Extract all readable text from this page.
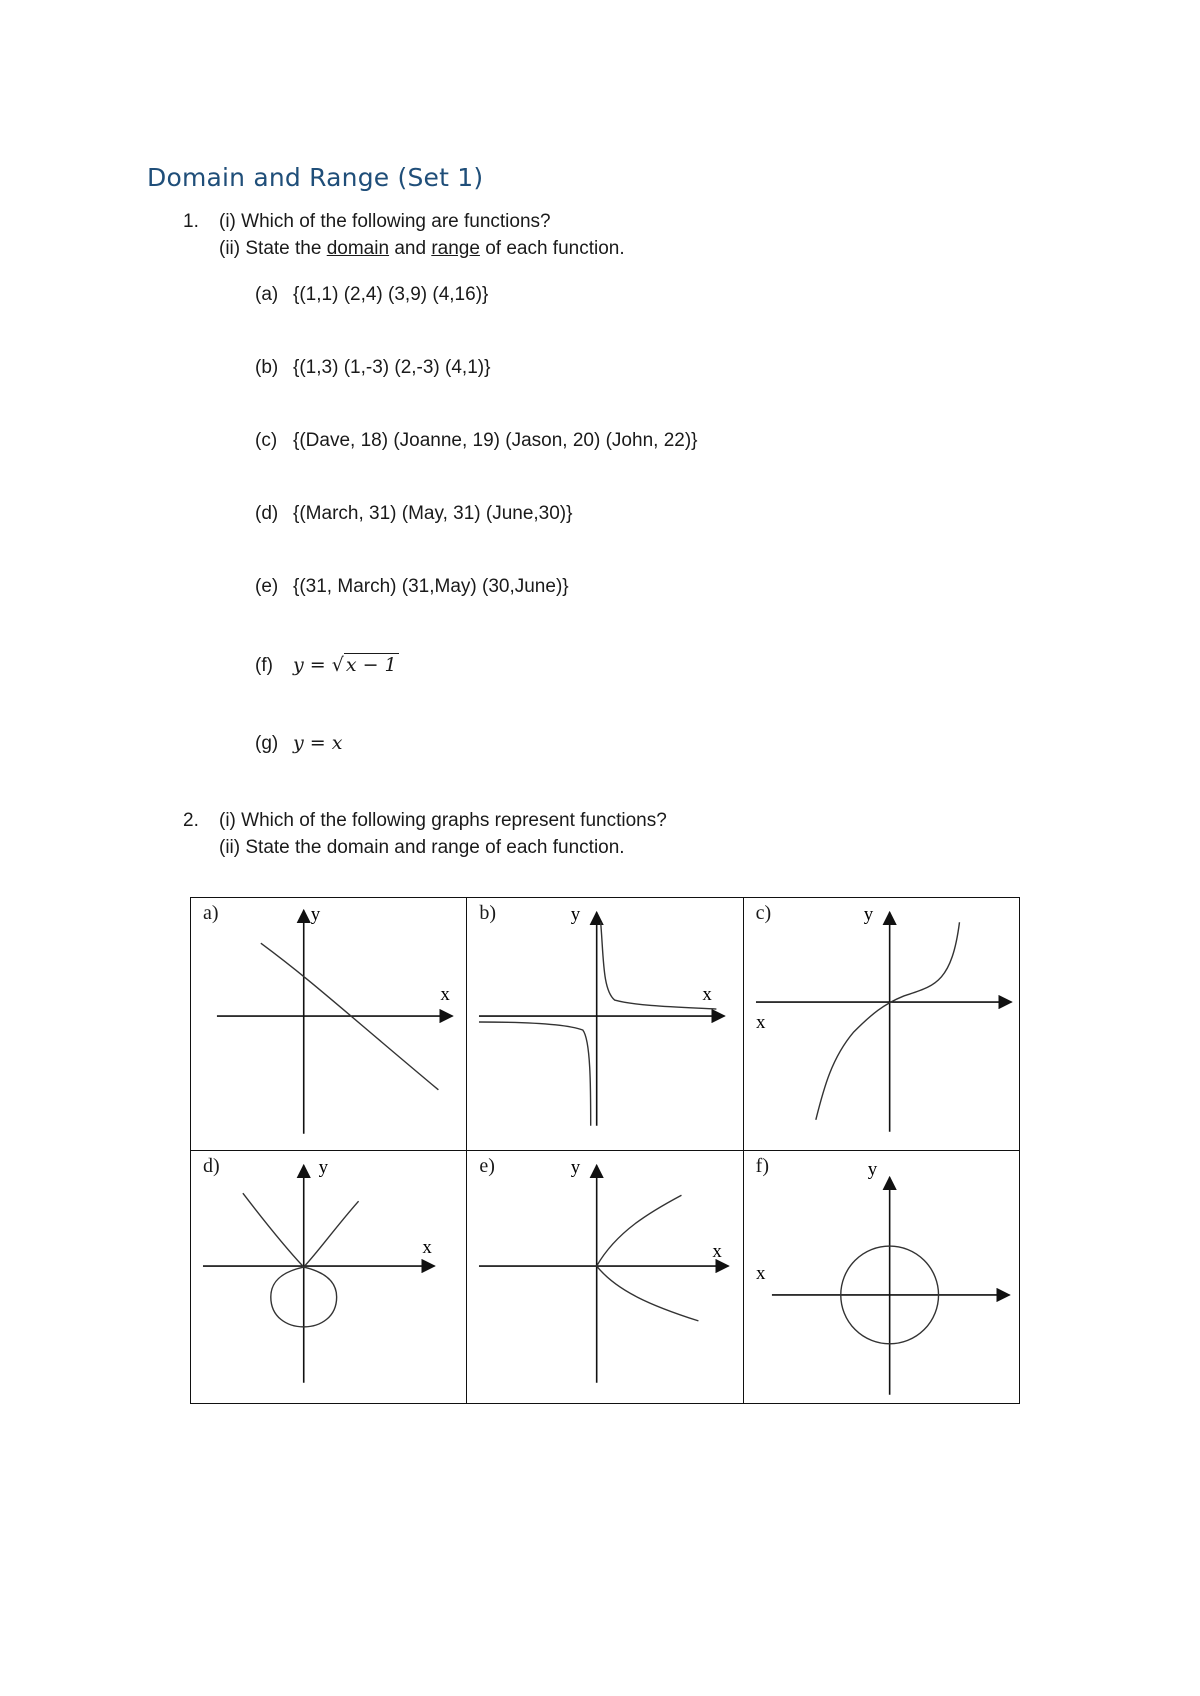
Domain and Range (Set 1)
1. (i) Which of the following are functions?
(ii) State the domain and range of each function.
(a) {(1,1) (2,4) (3,9) (4,16)}
(b) {(1,3) (1,-3) (2,-3) (4,1)}
(c) {(Dave, 18) (Joanne, 19) (Jason, 20) (John, 22)}
(d) {(March, 31) (May, 31) (June,30)}
(e) {(31, March) (31,May) (30,June)}
(f) y = √ x − 1
(g) y = x
2. (i) Which of the following graphs represent functions?
(ii) State the domain and range of each function.
x
y
a)	x
y
b)	x
y
c)

x
y
d)	x
y
e)	x
y
f)
